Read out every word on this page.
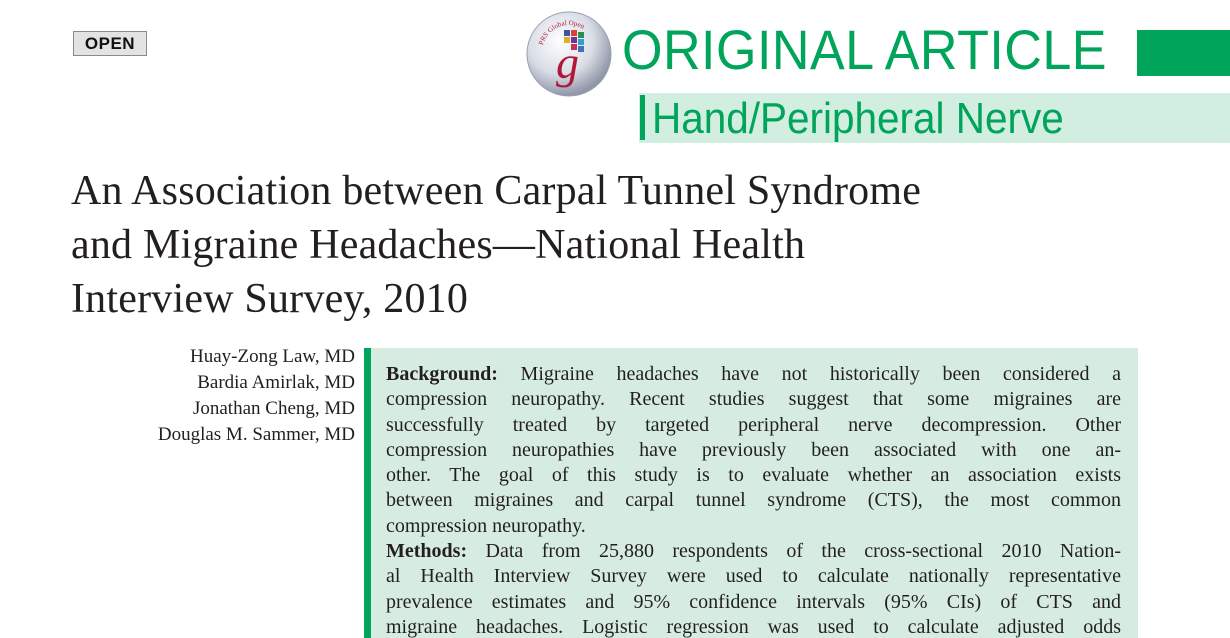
OPEN	PRS Global Open
g ORIGINAL ARTICLE
Hand/Peripheral Nerve
An Association between Carpal Tunnel Syndrome
and Migraine Headaches—National Health
Interview Survey, 2010
Huay-Zong Law, MD
Bardia Amirlak, MD
Jonathan Cheng, MD
Douglas M. Sammer, MD
Background: Migraine headaches have not historically been considered a
compression neuropathy. Recent studies suggest that some migraines are
successfully treated by targeted peripheral nerve decompression. Other
compression neuropathies have previously been associated with one an-
other. The goal of this study is to evaluate whether an association exists
between migraines and carpal tunnel syndrome (CTS), the most common
compression neuropathy.
Methods: Data from 25,880 respondents of the cross-sectional 2010 Nation-
al Health Interview Survey were used to calculate nationally representative
prevalence estimates and 95% confidence intervals (95% CIs) of CTS and
migraine headaches. Logistic regression was used to calculate adjusted odds
